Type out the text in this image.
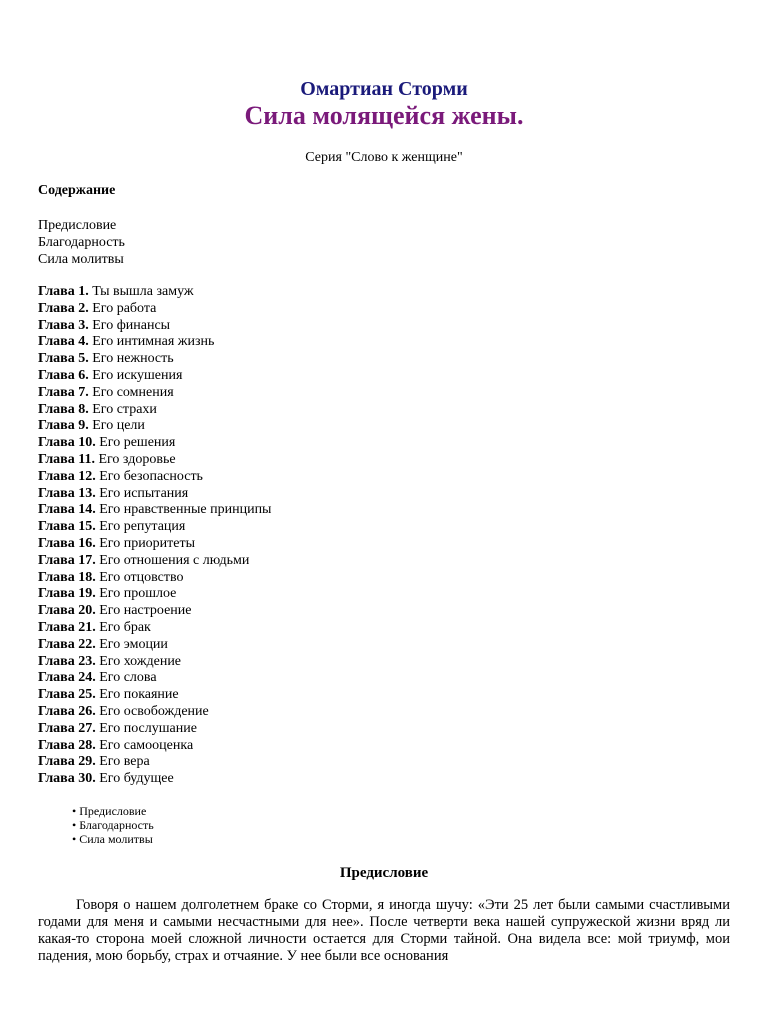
Омартиан Сторми
Сила молящейся жены.
Серия "Слово к женщине"
Содержание
Предисловие
Благодарность
Сила молитвы
Глава 1. Ты вышла замуж
Глава 2. Его работа
Глава 3. Его финансы
Глава 4. Его интимная жизнь
Глава 5. Его нежность
Глава 6. Его искушения
Глава 7. Его сомнения
Глава 8. Его страхи
Глава 9. Его цели
Глава 10. Его решения
Глава 11. Его здоровье
Глава 12. Его безопасность
Глава 13. Его испытания
Глава 14. Его нравственные принципы
Глава 15. Его репутация
Глава 16. Его приоритеты
Глава 17. Его отношения с людьми
Глава 18. Его отцовство
Глава 19. Его прошлое
Глава 20. Его настроение
Глава 21. Его брак
Глава 22. Его эмоции
Глава 23. Его хождение
Глава 24. Его слова
Глава 25. Его покаяние
Глава 26. Его освобождение
Глава 27. Его послушание
Глава 28. Его самооценка
Глава 29. Его вера
Глава 30. Его будущее
• Предисловие
• Благодарность
• Сила молитвы
Предисловие
Говоря о нашем долголетнем браке со Сторми, я иногда шучу: «Эти 25 лет были самыми счастливыми годами для меня и самыми несчастными для нее». После четверти века нашей супружеской жизни вряд ли какая-то сторона моей сложной личности остается для Сторми тайной. Она видела все: мой триумф, мои падения, мою борьбу, страх и отчаяние. У нее были все основания
